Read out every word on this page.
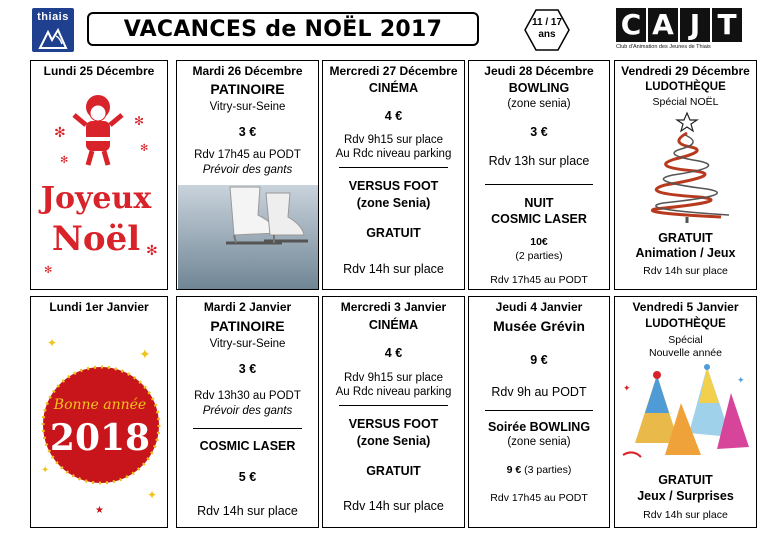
thiais	VACANCES de NOËL 2017	11 / 17
ans	C A J T
Club d'Animation des Jeunes de Thiais
Lundi 25 Décembre
✻
✻
✻
✻
✻
✻
Joyeux
Noël
Mardi 26 Décembre
PATINOIRE
Vitry-sur-Seine
3 €
Rdv 17h45 au PODT
Prévoir des gants
Mercredi 27 Décembre
CINÉMA
4 €
Rdv 9h15 sur place
Au Rdc niveau parking
VERSUS FOOT
(zone Senia)
GRATUIT
Rdv 14h sur place
Jeudi 28 Décembre
BOWLING
(zone senia)
3 €
Rdv 13h sur place
NUIT
COSMIC LASER
10€
(2 parties)
Rdv 17h45 au PODT
Vendredi 29 Décembre
LUDOTHÈQUE
Spécial NOËL
GRATUIT
Animation / Jeux
Rdv 14h sur place
Lundi 1er Janvier
✦
✦
✦
✦
★
Bonne année
2018
Mardi 2 Janvier
PATINOIRE
Vitry-sur-Seine
3 €
Rdv 13h30 au PODT
Prévoir des gants
COSMIC LASER
5 €
Rdv 14h sur place
Mercredi 3 Janvier
CINÉMA
4 €
Rdv 9h15 sur place
Au Rdc niveau parking
VERSUS FOOT
(zone Senia)
GRATUIT
Rdv 14h sur place
Jeudi 4 Janvier
Musée Grévin
9 €
Rdv 9h au PODT
Soirée BOWLING
(zone senia)
9 € (3 parties)
Rdv 17h45 au PODT
Vendredi 5 Janvier
LUDOTHÈQUE
Spécial
Nouvelle année
✦
✦
GRATUIT
Jeux / Surprises
Rdv 14h sur place
